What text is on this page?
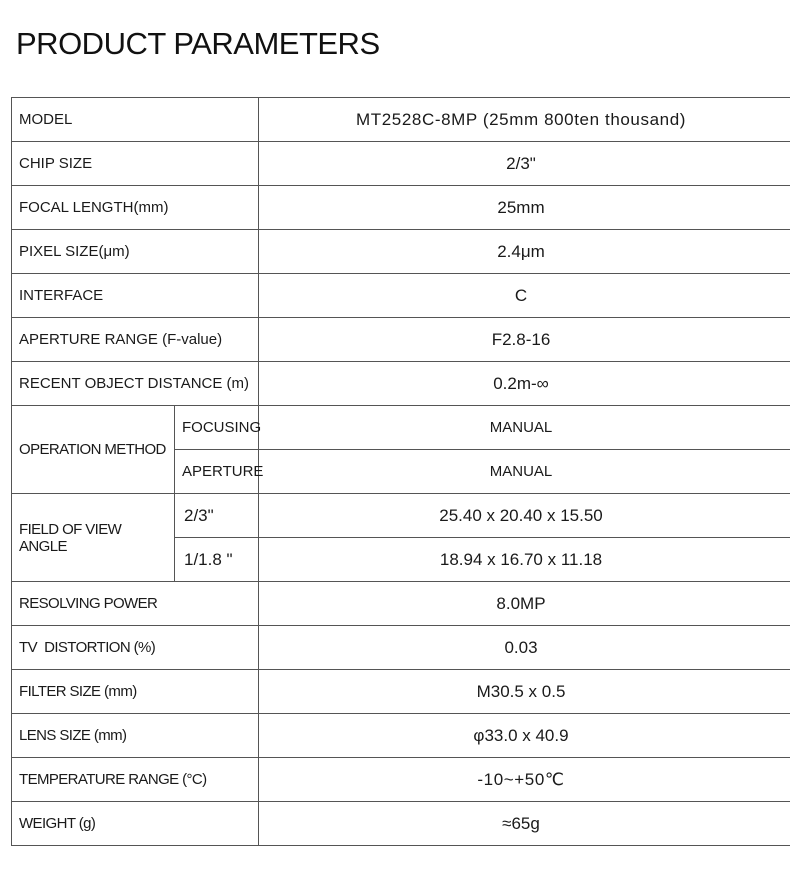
PRODUCT PARAMETERS
MODEL		MT2528C-8MP (25mm 800ten thousand)
CHIP SIZE		2/3"
FOCAL LENGTH(mm)		25mm
PIXEL SIZE(μm)		2.4μm
INTERFACE		C
APERTURE RANGE (F-value)		F2.8-16
RECENT OBJECT DISTANCE (m)		0.2m-∞
OPERATION METHOD	FOCUSING	MANUAL
	APERTURE	MANUAL
FIELD OF VIEW ANGLE	2/3"	25.40 x 20.40 x 15.50
	1/1.8 "	18.94 x 16.70 x 11.18
RESOLVING POWER		8.0MP
TV  DISTORTION (%)		0.03
FILTER SIZE (mm)		M30.5 x 0.5
LENS SIZE (mm)		φ33.0 x 40.9
TEMPERATURE RANGE (°C)		-10~+50℃
WEIGHT (g)		≈65g
